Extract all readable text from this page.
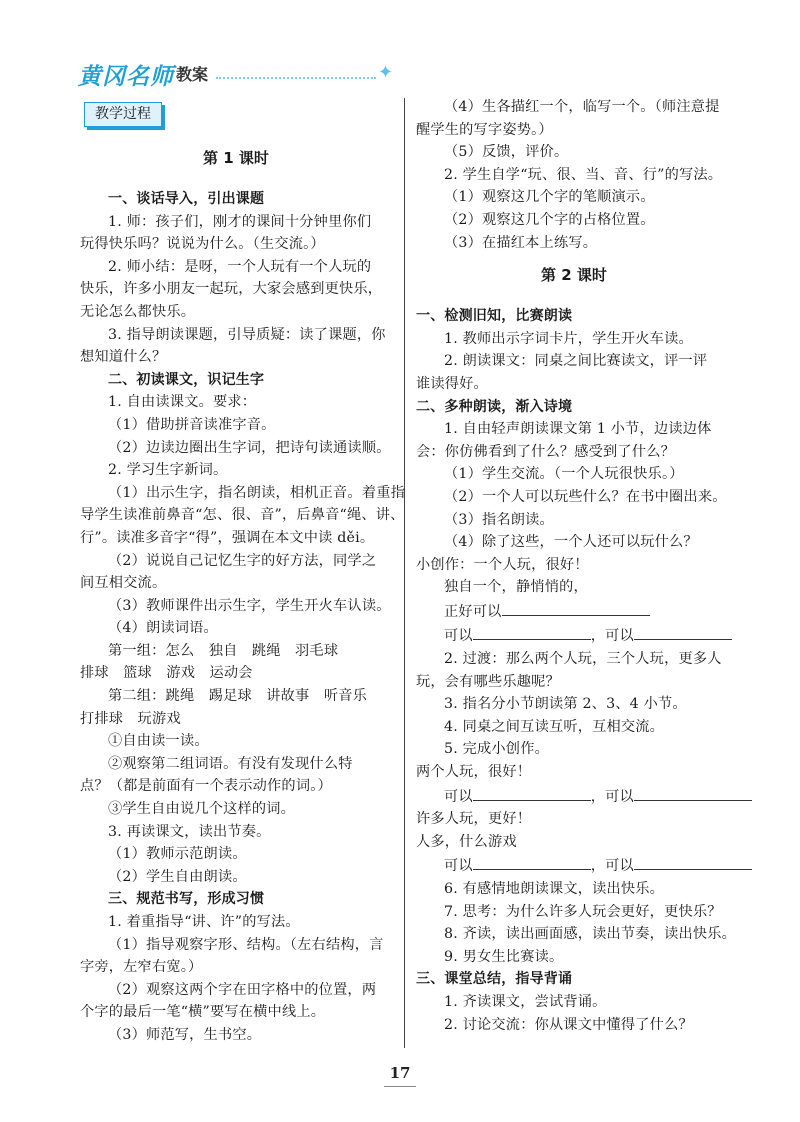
黄冈名师 教案	✦
教学过程

第 1 课时

一、谈话导入，引出课题

1. 师：孩子们，刚才的课间十分钟里你们

玩得快乐吗？说说为什么。（生交流。）

2. 师小结：是呀，一个人玩有一个人玩的

快乐，许多小朋友一起玩，大家会感到更快乐，

无论怎么都快乐。

3. 指导朗读课题，引导质疑：读了课题，你

想知道什么？

二、初读课文，识记生字

1. 自由读课文。要求：

（1）借助拼音读准字音。

（2）边读边圈出生字词，把诗句读通读顺。

2. 学习生字新词。

（1）出示生字，指名朗读，相机正音。着重指

导学生读准前鼻音“怎、很、音”，后鼻音“绳、讲、

行”。读准多音字“得”，强调在本文中读 děi。

（2）说说自己记忆生字的好方法，同学之

间互相交流。

（3）教师课件出示生字，学生开火车认读。

（4）朗读词语。

第一组：怎么　独自　跳绳　羽毛球

排球　篮球　游戏　运动会

第二组：跳绳　踢足球　讲故事　听音乐

打排球　玩游戏

①自由读一读。

②观察第二组词语。有没有发现什么特

点？（都是前面有一个表示动作的词。）

③学生自由说几个这样的词。

3. 再读课文，读出节奏。

（1）教师示范朗读。

（2）学生自由朗读。

三、规范书写，形成习惯

1. 着重指导“讲、许”的写法。

（1）指导观察字形、结构。（左右结构，言

字旁，左窄右宽。）

（2）观察这两个字在田字格中的位置，两

个字的最后一笔“横”要写在横中线上。

（3）师范写，生书空。

（4）生各描红一个，临写一个。（师注意提

醒学生的写字姿势。）

（5）反馈，评价。

2. 学生自学“玩、很、当、音、行”的写法。

（1）观察这几个字的笔顺演示。

（2）观察这几个字的占格位置。

（3）在描红本上练写。

第 2 课时

一、检测旧知，比赛朗读

1. 教师出示字词卡片，学生开火车读。

2. 朗读课文：同桌之间比赛读文，评一评

谁读得好。

二、多种朗读，渐入诗境

1. 自由轻声朗读课文第 1 小节，边读边体

会：你仿佛看到了什么？感受到了什么？

（1）学生交流。（一个人玩很快乐。）

（2）一个人可以玩些什么？在书中圈出来。

（3）指名朗读。

（4）除了这些，一个人还可以玩什么？

小创作：一个人玩，很好！

独自一个，静悄悄的，

正好可以

可以	，可以

2. 过渡：那么两个人玩，三个人玩，更多人

玩，会有哪些乐趣呢？

3. 指名分小节朗读第 2、3、4 小节。

4. 同桌之间互读互听，互相交流。

5. 完成小创作。

两个人玩，很好！

可以	，可以

许多人玩，更好！

人多，什么游戏

可以	，可以

6. 有感情地朗读课文，读出快乐。

7. 思考：为什么许多人玩会更好，更快乐？

8. 齐读，读出画面感，读出节奏，读出快乐。

9. 男女生比赛读。

三、课堂总结，指导背诵

1. 齐读课文，尝试背诵。

2. 讨论交流：你从课文中懂得了什么？

17
